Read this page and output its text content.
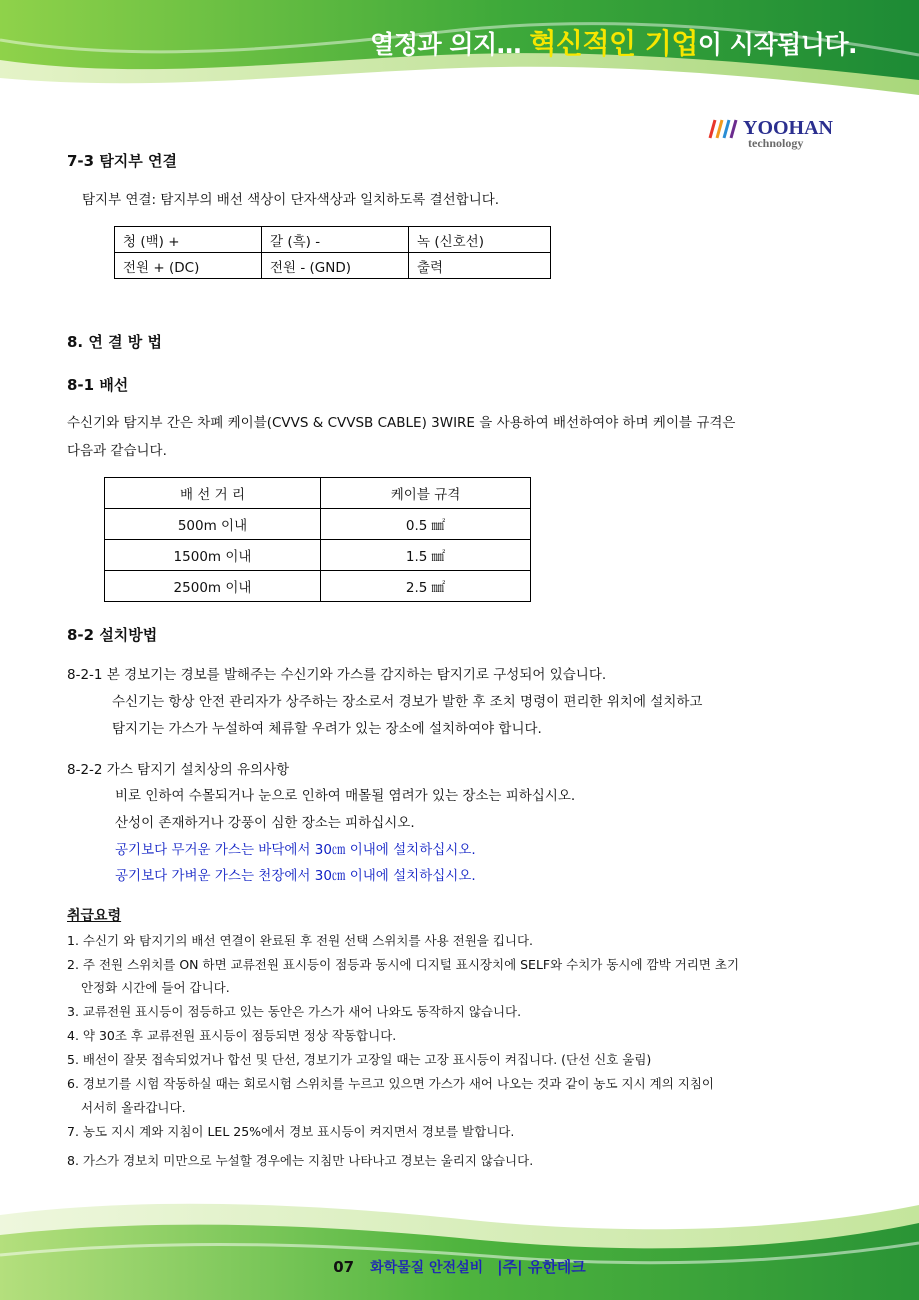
열정과 의지… 혁신적인 기업이 시작됩니다.
YOOHAN
technology
7-3 탐지부 연결
탐지부 연결: 탐지부의 배선 색상이 단자색상과 일치하도록 결선합니다.
청 (백) +	갈 (흑) -	녹 (신호선)
전원 + (DC)	전원 - (GND)	출력
8. 연 결 방 법
8-1 배선
수신기와 탐지부 간은 차폐 케이블(CVVS & CVVSB CABLE) 3WIRE 을 사용하여 배선하여야 하며 케이블 규격은
다음과 같습니다.
배 선 거 리	케이블 규격
500m 이내	0.5 ㎟
1500m 이내	1.5 ㎟
2500m 이내	2.5 ㎟
8-2 설치방법
8-2-1 본 경보기는 경보를 발해주는 수신기와 가스를 감지하는 탐지기로 구성되어 있습니다.
수신기는 항상 안전 관리자가 상주하는 장소로서 경보가 발한 후 조치 명령이 편리한 위치에 설치하고
탐지기는 가스가 누설하여 체류할 우려가 있는 장소에 설치하여야 합니다.
8-2-2 가스 탐지기 설치상의 유의사항
비로 인하여 수몰되거나 눈으로 인하여 매몰될 염려가 있는 장소는 피하십시오.
산성이 존재하거나 강풍이 심한 장소는 피하십시오.
공기보다 무거운 가스는 바닥에서 30㎝ 이내에 설치하십시오.
공기보다 가벼운 가스는 천장에서 30㎝ 이내에 설치하십시오.
취급요령
1. 수신기 와 탐지기의 배선 연결이 완료된 후 전원 선택 스위치를 사용 전원을 킵니다.
2. 주 전원 스위치를 ON 하면 교류전원 표시등이 점등과 동시에 디지털 표시장치에 SELF와 수치가 동시에 깜박 거리면 초기
안정화 시간에 들어 갑니다.
3. 교류전원 표시등이 점등하고 있는 동안은 가스가 새어 나와도 동작하지 않습니다.
4. 약 30조 후 교류전원 표시등이 점등되면 정상 작동합니다.
5. 배선이 잘못 접속되었거나 합선 및 단선, 경보기가 고장일 때는 고장 표시등이 켜집니다. (단선 신호 울림)
6. 경보기를 시험 작동하실 때는 회로시험 스위치를 누르고 있으면 가스가 새어 나오는 것과 같이 농도 지시 계의 지침이
서서히 올라갑니다.
7. 농도 지시 계와 지침이 LEL 25%에서 경보 표시등이 켜지면서 경보를 발합니다.
8. 가스가 경보치 미만으로 누설할 경우에는 지침만 나타나고 경보는 울리지 않습니다.
07 화학물질 안전설비 |주| 유한테크
